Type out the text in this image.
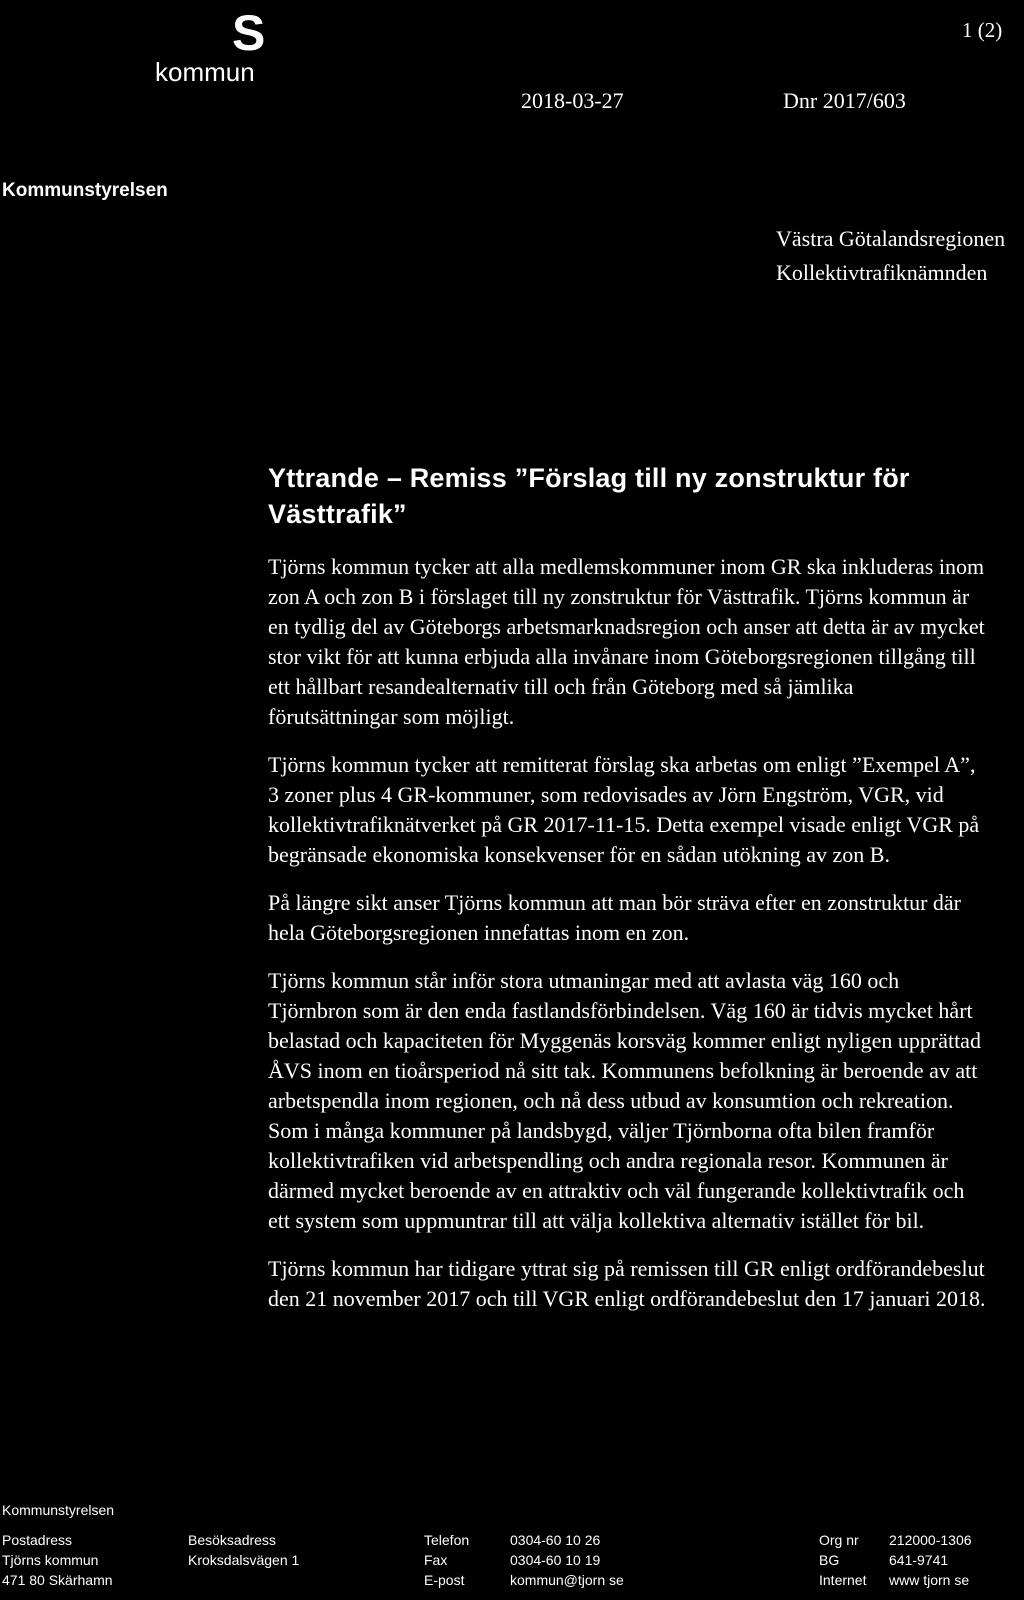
S
kommun
1 (2)
2018-03-27	Dnr 2017/603
Kommunstyrelsen
Västra Götalandsregionen
Kollektivtrafiknämnden
Yttrande – Remiss ”Förslag till ny zonstruktur för Västtrafik”

Tjörns kommun tycker att alla medlemskommuner inom GR ska inkluderas inom zon A och zon B i förslaget till ny zonstruktur för Västtrafik. Tjörns kommun är en tydlig del av Göteborgs arbetsmarknadsregion och anser att detta är av mycket stor vikt för att kunna erbjuda alla invånare inom Göteborgsregionen tillgång till ett hållbart resandealternativ till och från Göteborg med så jämlika förutsättningar som möjligt.

Tjörns kommun tycker att remitterat förslag ska arbetas om enligt ”Exempel A”, 3 zoner plus 4 GR-kommuner, som redovisades av Jörn Engström, VGR, vid kollektivtrafiknätverket på GR 2017-11-15. Detta exempel visade enligt VGR på begränsade ekonomiska konsekvenser för en sådan utökning av zon B.

På längre sikt anser Tjörns kommun att man bör sträva efter en zonstruktur där hela Göteborgsregionen innefattas inom en zon.

Tjörns kommun står inför stora utmaningar med att avlasta väg 160 och Tjörnbron som är den enda fastlandsförbindelsen. Väg 160 är tidvis mycket hårt belastad och kapaciteten för Myggenäs korsväg kommer enligt nyligen upprättad ÅVS inom en tioårsperiod nå sitt tak. Kommunens befolkning är beroende av att arbetspendla inom regionen, och nå dess utbud av konsumtion och rekreation. Som i många kommuner på landsbygd, väljer Tjörnborna ofta bilen framför kollektivtrafiken vid arbetspendling och andra regionala resor. Kommunen är därmed mycket beroende av en attraktiv och väl fungerande kollektivtrafik och ett system som uppmuntrar till att välja kollektiva alternativ istället för bil.

Tjörns kommun har tidigare yttrat sig på remissen till GR enligt ordförandebeslut den 21 november 2017 och till VGR enligt ordförandebeslut den 17 januari 2018.

Kommunstyrelsen
Postadress
Tjörns kommun
471 80 Skärhamn
Besöksadress
Kroksdalsvägen 1
Telefon
Fax
E-post
0304-60 10 26
0304-60 10 19
kommun@tjorn se
Org nr
BG
Internet
212000-1306
641-9741
www tjorn se
